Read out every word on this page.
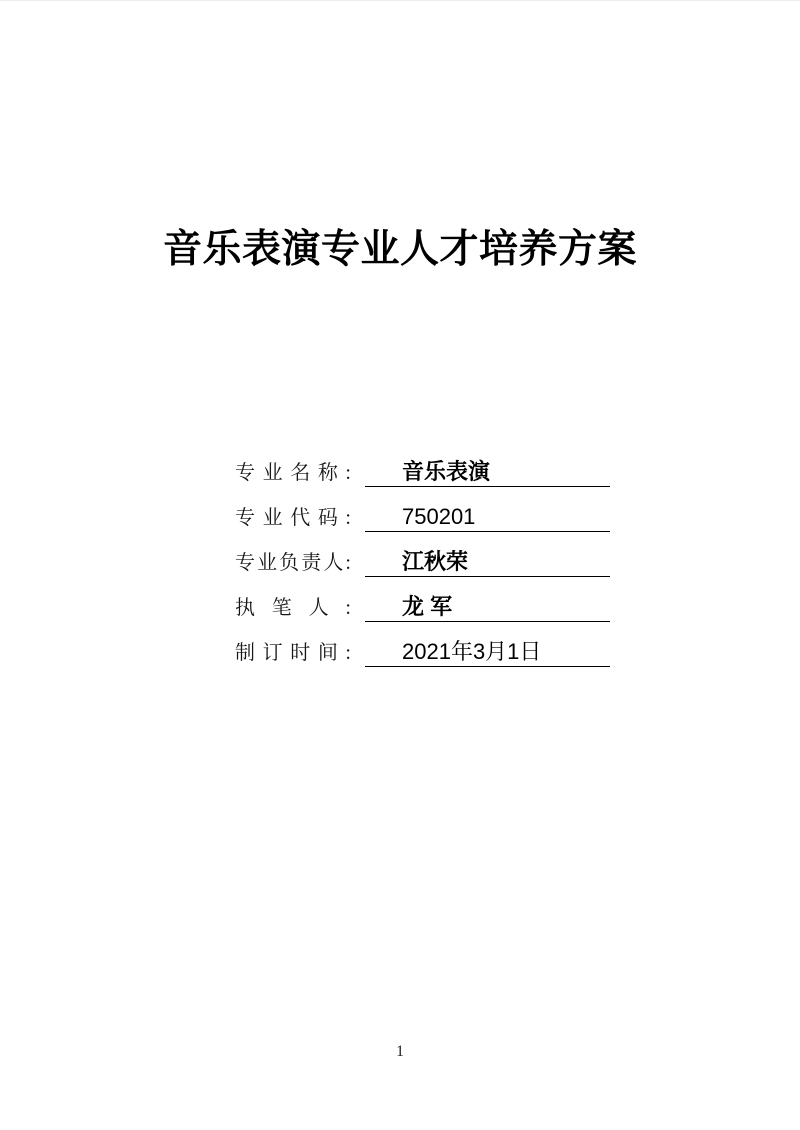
音乐表演专业人才培养方案
专业名称:	音乐表演
专业代码:	750201
专业负责人:	江秋荣
执笔人:	龙 军
制订时间:	2021年3月1日
1
